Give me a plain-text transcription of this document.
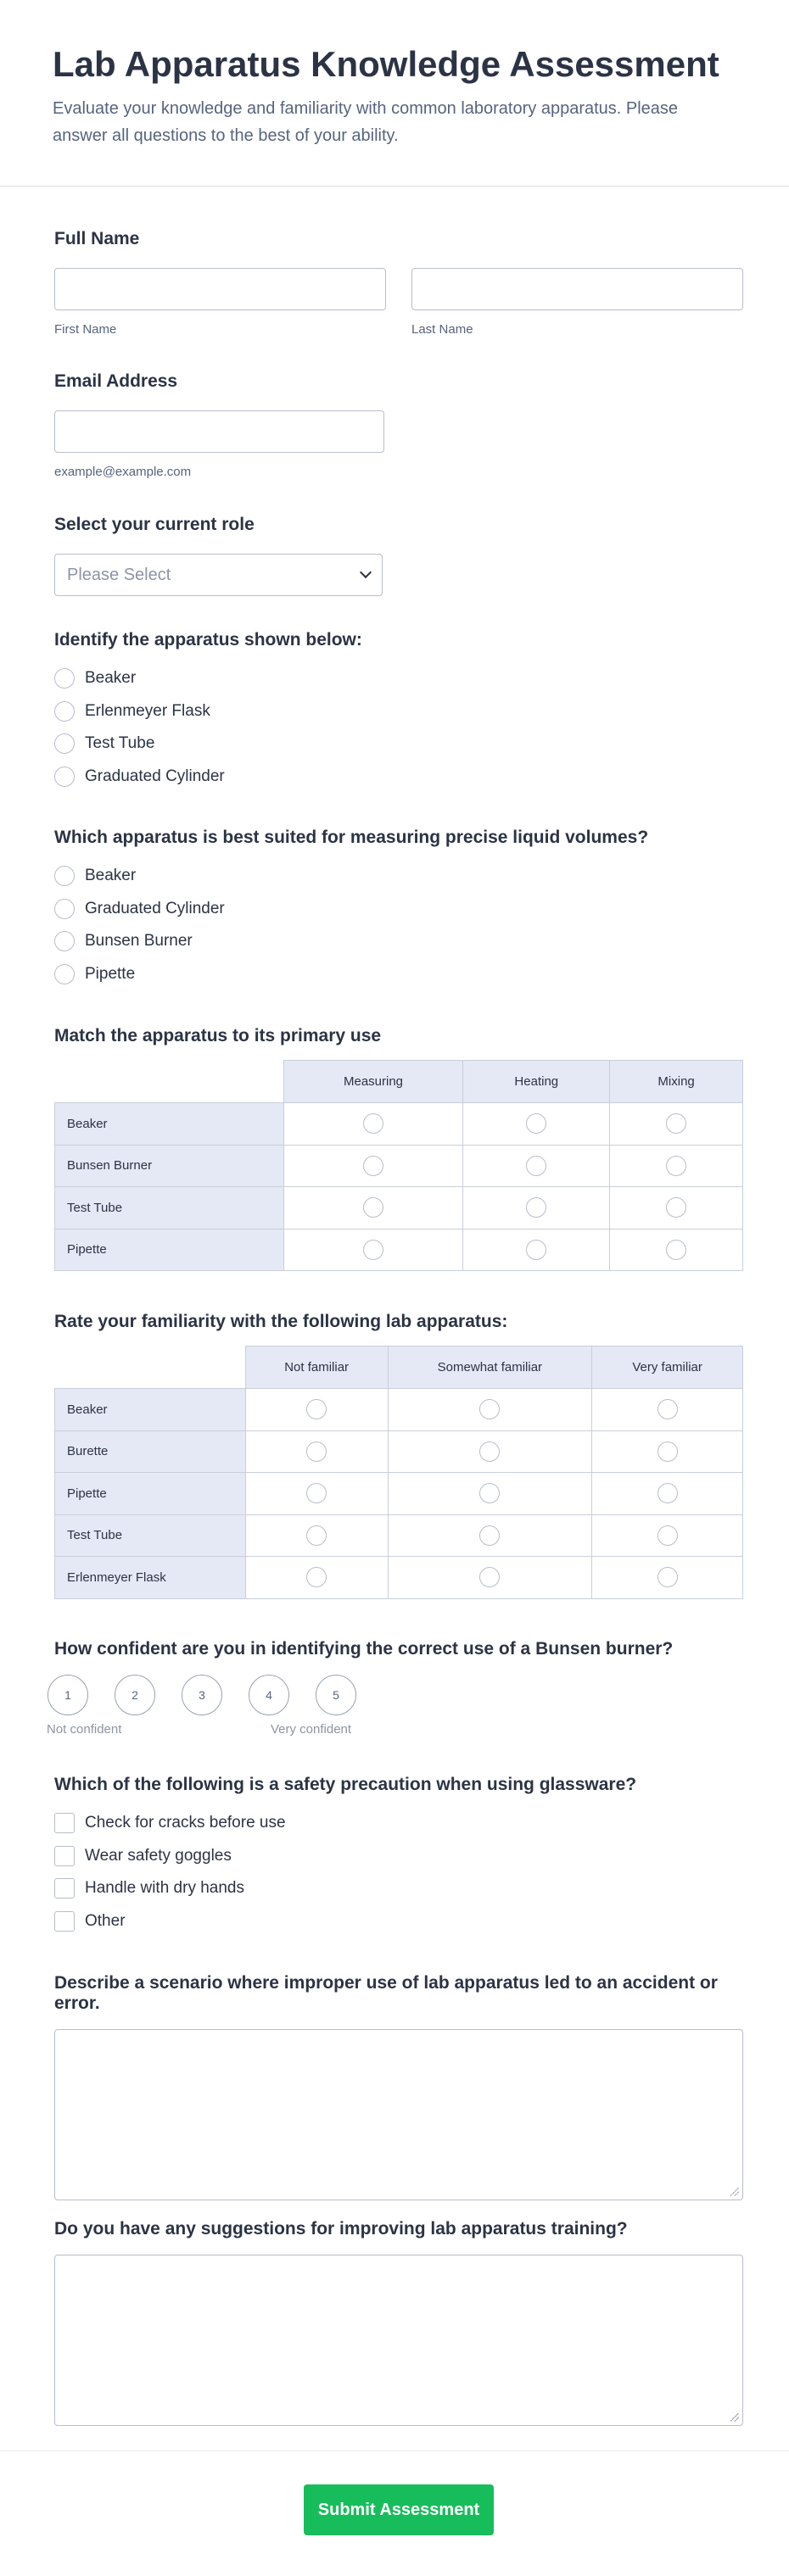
Lab Apparatus Knowledge Assessment

Evaluate your knowledge and familiarity with common laboratory apparatus. Please answer all questions to the best of your ability.

Full Name
First Name	Last Name
Email Address
example@example.com
Select your current role
Please Select
Identify the apparatus shown below:
Beaker
Erlenmeyer Flask
Test Tube
Graduated Cylinder
Which apparatus is best suited for measuring precise liquid volumes?
Beaker
Graduated Cylinder
Bunsen Burner
Pipette
Match the apparatus to its primary use
	Measuring	Heating	Mixing
Beaker			
Bunsen Burner			
Test Tube			
Pipette			
Rate your familiarity with the following lab apparatus:
	Not familiar	Somewhat familiar	Very familiar
Beaker			
Burette			
Pipette			
Test Tube			
Erlenmeyer Flask			
How confident are you in identifying the correct use of a Bunsen burner?
1	2	3	4	5
Not confident	Very confident
Which of the following is a safety precaution when using glassware?
Check for cracks before use
Wear safety goggles
Handle with dry hands
Other
Describe a scenario where improper use of lab apparatus led to an accident or error.
Do you have any suggestions for improving lab apparatus training?
Submit Assessment
